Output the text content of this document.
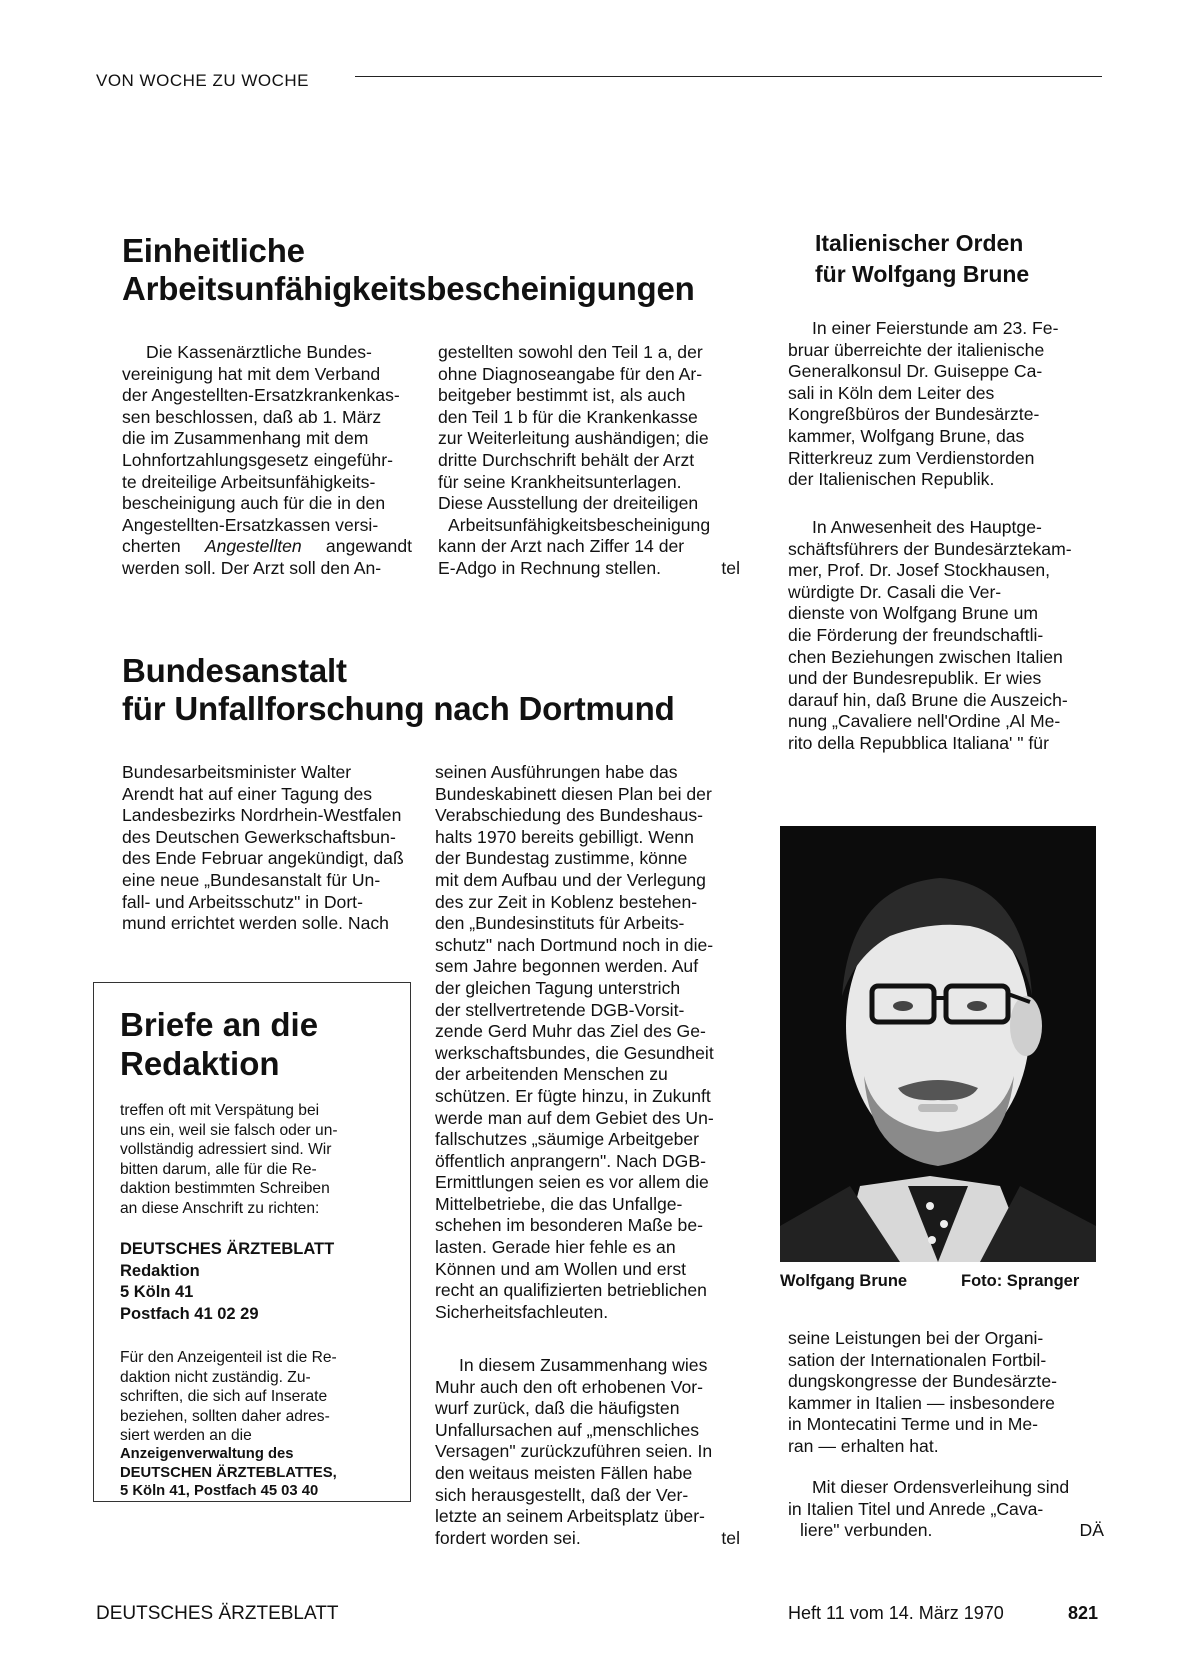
VON WOCHE ZU WOCHE
Einheitliche
Arbeitsunfähigkeitsbescheinigungen
Die Kassenärztliche Bundes-
vereinigung hat mit dem Verband
der Angestellten-Ersatzkrankenkas-
sen beschlossen, daß ab 1. März
die im Zusammenhang mit dem
Lohnfortzahlungsgesetz eingeführ-
te dreiteilige Arbeitsunfähigkeits-
bescheinigung auch für die in den
Angestellten-Ersatzkassen versi-
cherten Angestellten angewandt
werden soll. Der Arzt soll den An-
gestellten sowohl den Teil 1 a, der
ohne Diagnoseangabe für den Ar-
beitgeber bestimmt ist, als auch
den Teil 1 b für die Krankenkasse
zur Weiterleitung aushändigen; die
dritte Durchschrift behält der Arzt
für seine Krankheitsunterlagen.
Diese Ausstellung der dreiteiligen
Arbeitsunfähigkeitsbescheinigung
kann der Arzt nach Ziffer 14 der
E-Adgo in Rechnung stellen.	tel
Bundesanstalt
für Unfallforschung nach Dortmund
Bundesarbeitsminister Walter
Arendt hat auf einer Tagung des
Landesbezirks Nordrhein-Westfalen
des Deutschen Gewerkschaftsbun-
des Ende Februar angekündigt, daß
eine neue „Bundesanstalt für Un-
fall- und Arbeitsschutz" in Dort-
mund errichtet werden solle. Nach
seinen Ausführungen habe das
Bundeskabinett diesen Plan bei der
Verabschiedung des Bundeshaus-
halts 1970 bereits gebilligt. Wenn
der Bundestag zustimme, könne
mit dem Aufbau und der Verlegung
des zur Zeit in Koblenz bestehen-
den „Bundesinstituts für Arbeits-
schutz" nach Dortmund noch in die-
sem Jahre begonnen werden. Auf
der gleichen Tagung unterstrich
der stellvertretende DGB-Vorsit-
zende Gerd Muhr das Ziel des Ge-
werkschaftsbundes, die Gesundheit
der arbeitenden Menschen zu
schützen. Er fügte hinzu, in Zukunft
werde man auf dem Gebiet des Un-
fallschutzes „säumige Arbeitgeber
öffentlich anprangern". Nach DGB-
Ermittlungen seien es vor allem die
Mittelbetriebe, die das Unfallge-
schehen im besonderen Maße be-
lasten. Gerade hier fehle es an
Können und am Wollen und erst
recht an qualifizierten betrieblichen
Sicherheitsfachleuten.
In diesem Zusammenhang wies
Muhr auch den oft erhobenen Vor-
wurf zurück, daß die häufigsten
Unfallursachen auf „menschliches
Versagen" zurückzuführen seien. In
den weitaus meisten Fällen habe
sich herausgestellt, daß der Ver-
letzte an seinem Arbeitsplatz über-
fordert worden sei.	tel
Briefe an die
Redaktion
treffen oft mit Verspätung bei
uns ein, weil sie falsch oder un-
vollständig adressiert sind. Wir
bitten darum, alle für die Re-
daktion bestimmten Schreiben
an diese Anschrift zu richten:
DEUTSCHES ÄRZTEBLATT
Redaktion
5 Köln 41
Postfach 41 02 29
Für den Anzeigenteil ist die Re-
daktion nicht zuständig. Zu-
schriften, die sich auf Inserate
beziehen, sollten daher adres-
siert werden an die
Anzeigenverwaltung des
DEUTSCHEN ÄRZTEBLATTES,
5 Köln 41, Postfach 45 03 40
Italienischer Orden
für Wolfgang Brune
In einer Feierstunde am 23. Fe-
bruar überreichte der italienische
Generalkonsul Dr. Guiseppe Ca-
sali in Köln dem Leiter des
Kongreßbüros der Bundesärzte-
kammer, Wolfgang Brune, das
Ritterkreuz zum Verdienstorden
der Italienischen Republik.
In Anwesenheit des Hauptge-
schäftsführers der Bundesärztekam-
mer, Prof. Dr. Josef Stockhausen,
würdigte Dr. Casali die Ver-
dienste von Wolfgang Brune um
die Förderung der freundschaftli-
chen Beziehungen zwischen Italien
und der Bundesrepublik. Er wies
darauf hin, daß Brune die Auszeich-
nung „Cavaliere nell'Ordine ‚Al Me-
rito della Repubblica Italiana' " für
Wolfgang Brune	Foto: Spranger
seine Leistungen bei der Organi-
sation der Internationalen Fortbil-
dungskongresse der Bundesärzte-
kammer in Italien — insbesondere
in Montecatini Terme und in Me-
ran — erhalten hat.
Mit dieser Ordensverleihung sind
in Italien Titel und Anrede „Cava-
liere" verbunden.	DÄ
DEUTSCHES ÄRZTEBLATT	Heft 11 vom 14. März 1970	821
